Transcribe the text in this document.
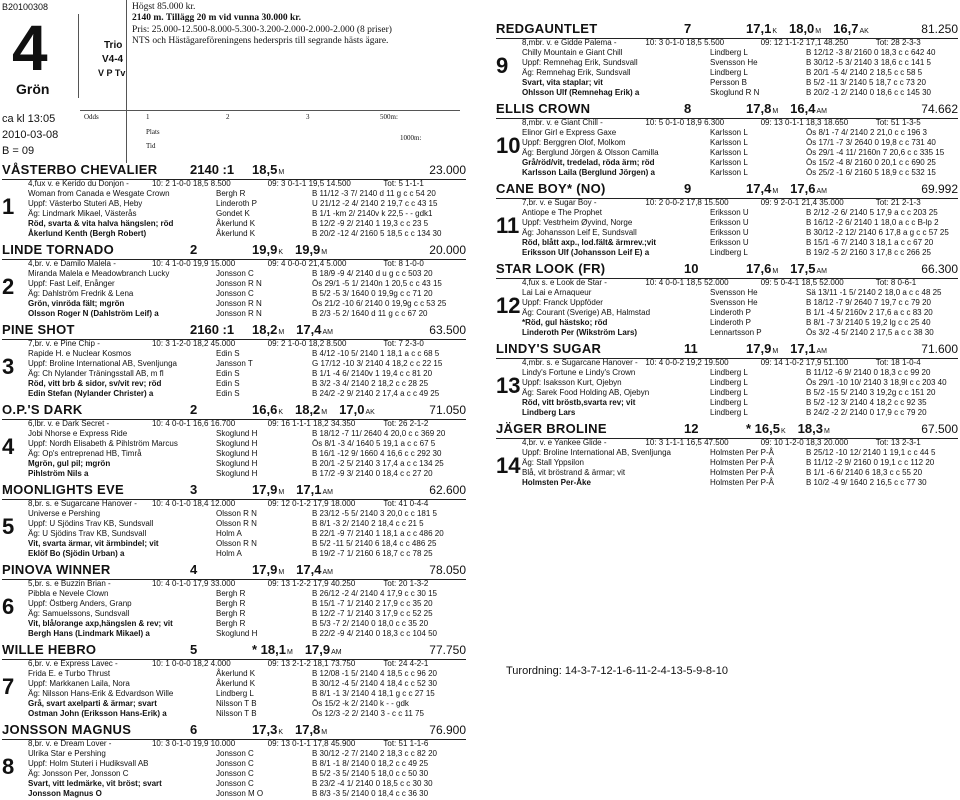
B20100308
4
Grön
Trio
V4-4
V P Tv
Högst 85.000 kr.
2140 m. Tillägg 20 m vid vunna 30.000 kr.
Pris: 25.000-12.500-8.000-5.300-3.200-2.000-2.000-2.000 (8 priser)
NTS och Hästägareföreningens hederspris till segrande hästs ägare.
ca kl 13:05
2010-03-08
B = 09
Odds	1	2	3
Plats
Tid
500m:
1000m:
VÅSTERBO CHEVALIER	2140 :1	18,5 M	23.000
1
4,fux v. e Kerido du Donjon -	10: 2 1-0-0 18,5 8.500	09: 3 0-1-1 19,5 14.500	Tot: 5 1-1-1
Woman from Canada e Wesgate Crown	Bergh R	B 11/12 -3 7/ 2140 d 11 g c c 54 20
Uppf: Västerbo Stuteri AB, Heby	Linderoth P	U 21/12 -2 4/ 2140 2 19,7 c c 43 15
Äg: Lindmark Mikael, Västerås	Gondet K	B 1/1 -km 2/ 2140v k 22,5 - - gdk1
Röd, svarta & vita halva hängslen; röd	Åkerlund K	B 12/2 -9 2/ 2140 1 19,3 c c 23 5
Åkerlund Kenth (Bergh Robert)	Åkerlund K	B 20/2 -12 4/ 2160 5 18,5 c c 134 30
LINDE TORNADO	2	19,9 K 19,9 M	20.000
2
4,br. v. e Damilo Malela -	10: 4 1-0-0 19,9 15.000	09: 4 0-0-0 21,4 5.000	Tot: 8 1-0-0
Miranda Malela e Meadowbranch Lucky	Jonsson C	B 18/9 -9 4/ 2140 d u g c c 503 20
Uppf: Fast Leif, Enånger	Jonsson R N	Ös 29/1 -5 1/ 2140n 1 20,5 c c 43 15
Äg: Dahlström Fredrik & Lena	Jonsson C	B 5/2 -5 3/ 1640 0 19,9g c c 71 20
Grön, vinröda fält; mgrön	Jonsson R N	Ös 21/2 -10 6/ 2140 0 19,9g c c 53 25
Olsson Roger N (Dahlström Leif) a	Jonsson R N	B 2/3 -5 2/ 1640 d 11 g c c 67 20
PINE SHOT	2160 :1	18,2 M 17,4 AM	63.500
3
7,br. v. e Pine Chip -	10: 3 1-2-0 18,2 45.000	09: 2 1-0-0 18,2 8.500	Tot: 7 2-3-0
Rapide H. e Nuclear Kosmos	Edin S	B 4/12 -10 5/ 2140 1 18,1 a c c 68 5
Uppf: Broline International AB, Svenljunga	Jansson T	G 17/12 -10 3/ 2140 4 18,2 c c 22 15
Äg: Ch Nylander Träningsstall AB, m fl	Edin S	B 1/1 -4 6/ 2140v 1 19,4 c c 81 20
Röd, vitt brb & sidor, sv/vit rev; röd	Edin S	B 3/2 -3 4/ 2140 2 18,2 c c 28 25
Edin Stefan (Nylander Christer) a	Edin S	B 24/2 -2 9/ 2140 2 17,4 a c c 49 25
O.P.'S DARK	2	16,6 K 18,2 M 17,0 AK	71.050
4
6,lbr. v. e Dark Secret -	10: 4 0-0-1 16,6 16.700	09: 16 1-1-1 18,2 34.350	Tot: 26 2-1-2
Jobi Nhorse e Express Ride	Skoglund H	B 18/12 -7 11/ 2640 4 20,0 c c 369 20
Uppf: Nordh Elisabeth & Pihlström Marcus	Skoglund H	Ös 8/1 -3 4/ 1640 5 19,1 a c c 67 5
Äg: Op's entreprenad HB, Timrå	Skoglund H	B 16/1 -12 9/ 1660 4 16,6 c c 292 30
Mgrön, gul pil; mgrön	Skoglund H	B 20/1 -2 5/ 2140 3 17,4 a c c 134 25
Pihlström Nils a	Skoglund H	B 17/2 -9 3/ 2140 0 18,4 c c 27 20
MOONLIGHTS EVE	3	17,9 M 17,1 AM	62.600
5
8,br. s. e Sugarcane Hanover -	10: 4 0-1-0 18,4 12.000	09: 12 0-1-2 17,9 18.000	Tot: 41 0-4-4
Universe e Pershing	Olsson R N	B 23/12 -5 5/ 2140 3 20,0 c c 181 5
Uppf: U Sjödins Trav KB, Sundsvall	Olsson R N	B 8/1 -3 2/ 2140 2 18,4 c c 21 5
Äg: U Sjödins Trav KB, Sundsvall	Holm A	B 22/1 -9 7/ 2140 1 18,1 a c c 486 20
Vit, svarta ärmar, vit ärmbindel; vit	Olsson R N	B 5/2 -11 5/ 2140 6 18,4 c c 486 25
Eklöf Bo (Sjödin Urban) a	Holm A	B 19/2 -7 1/ 2160 6 18,7 c c 78 25
PINOVA WINNER	4	17,9 M 17,4 AM	78.050
6
5,br. s. e Buzzin Brian -	10: 4 0-1-0 17,9 33.000	09: 13 1-2-2 17,9 40.250	Tot: 20 1-3-2
Pibbla e Nevele Clown	Bergh R	B 26/12 -2 4/ 2140 4 17,9 c c 30 15
Uppf: Östberg Anders, Granp	Bergh R	B 15/1 -7 1/ 2140 2 17,9 c c 35 20
Äg: Samuelssons, Sundsvall	Bergh R	B 12/2 -7 1/ 2140 3 17,9 c c 52 25
Vit, blå/orange axp,hängslen & rev; vit	Bergh R	B 5/3 -7 2/ 2140 0 18,0 c c 35 20
Bergh Hans (Lindmark Mikael) a	Skoglund H	B 22/2 -9 4/ 2140 0 18,3 c c 104 50
WILLE HEBRO	5	* 18,1 M 17,9 AM	77.750
7
6,br. v. e Express Lavec -	10: 1 0-0-0 18,2 4.000	09: 13 2-1-2 18,1 73.750	Tot: 24 4-2-1
Frida E. e Turbo Thrust	Åkerlund K	B 12/08 -1 5/ 2140 4 18,5 c c 96 20
Uppf: Markkanen Laila, Nora	Åkerlund K	B 30/12 -4 5/ 2140 4 18,4 c c 52 30
Äg: Nilsson Hans-Erik & Edvardson Wille	Lindberg L	B 8/1 -1 3/ 2140 4 18,1 g c c 27 15
Grå, svart axelparti & ärmar; svart	Nilsson T B	Ös 15/2 -k 2/ 2140 k - - gdk
Ostman John (Eriksson Hans-Erik) a	Nilsson T B	Ös 12/3 -2 2/ 2140 3 - c c 11 75
JONSSON MAGNUS	6	17,3 K 17,8 M	76.900
8
8,br. v. e Dream Lover -	10: 3 0-1-0 19,9 10.000	09: 13 0-1-1 17,8 45.900	Tot: 51 1-1-6
Ulrika Star e Pershing	Jonsson C	B 30/12 -2 7/ 2140 2 18,3 c c 82 20
Uppf: Holm Stuteri i Hudiksvall AB	Jonsson C	B 8/1 -1 8/ 2140 0 18,2 c c 49 25
Äg: Jonsson Per, Jonsson C	Jonsson C	B 5/2 -3 5/ 2140 5 18,0 c c 50 30
Svart, vitt ledmärke, vit bröst; svart	Jonsson C	B 23/2 -4 1/ 2140 0 18,5 c c 30 30
Jonsson Magnus O	Jonsson M O	B 8/3 -3 5/ 2140 0 18,4 c c 36 30
REDGAUNTLET	7	17,1 K 18,0 M 16,7 AK	81.250
9
8,mbr. v. e Gidde Palema -	10: 3 0-1-0 18,5 5.500	09: 12 1-1-2 17,1 48.250	Tot: 28 2-3-3
Chilly Mountain e Giant Chill	Lindberg L	B 12/12 -3 8/ 2160 0 18,3 c c 642 40
Uppf: Remnehag Erik, Sundsvall	Svensson He	B 30/12 -5 3/ 2140 3 18,6 c c 141 5
Äg: Remnehag Erik, Sundsvall	Lindberg L	B 20/1 -5 4/ 2140 2 18,5 c c 58 5
Svart, vita staplar; vit	Persson B	B 5/2 -11 3/ 2140 5 18,7 c c 73 20
Ohlsson Ulf (Remnehag Erik) a	Skoglund R N	B 20/2 -1 2/ 2140 0 18,6 c c 145 30
ELLIS CROWN	8	17,8 M 16,4 AM	74.662
10
8,mbr. v. e Giant Chill -	10: 5 0-1-0 18,9 6.300	09: 13 0-1-1 18,3 18.650	Tot: 51 1-3-5
Elinor Girl e Express Gaxe	Karlsson L	Ös 8/1 -7 4/ 2140 2 21,0 c c 196 3
Uppf: Berggren Olof, Molkom	Karlsson L	Ös 17/1 -7 3/ 2640 0 19,8 c c 731 40
Äg: Berglund Jörgen & Olsson Camilla	Karlsson L	Ös 29/1 -4 11/ 2160n 7 20,6 c c 335 15
Grå/röd/vit, tredelad, röda ärm; röd	Karlsson L	Ös 15/2 -4 8/ 2160 0 20,1 c c 690 25
Karlsson Laila (Berglund Jörgen) a	Karlsson L	Ös 25/2 -1 6/ 2160 5 18,9 c c 532 15
CANE BOY* (NO)	9	17,4 M 17,6 AM	69.992
11
7,br. v. e Sugar Boy -	10: 2 0-0-2 17,8 15.500	09: 9 2-0-1 21,4 35.000	Tot: 21 2-1-3
Antiope e The Prophet	Eriksson U	B 2/12 -2 6/ 2140 5 17,9 a c c 203 25
Uppf: Vestrheim Øyvind, Norge	Eriksson U	B 16/12 -2 6/ 2140 1 18,0 a c c B-lp 2
Äg: Johansson Leif E, Sundsvall	Eriksson U	B 30/12 -2 12/ 2140 6 17,8 a g c c 57 25
Röd, blått axp., lod.fält& ärmrev.;vit	Eriksson U	B 15/1 -6 7/ 2140 3 18,1 a c c 67 20
Eriksson Ulf (Johansson Leif E) a	Lindberg L	B 19/2 -5 2/ 2160 3 17,8 c c 266 25
STAR LOOK (FR)	10	17,6 M 17,5 AM	66.300
12
4,fux s. e Look de Star -	10: 4 0-0-1 18,5 52.000	09: 5 0-4-1 18,5 52.000	Tot: 8 0-6-1
Lai Lai e Arnaqueur	Svensson He	Sä 13/11 -1 5/ 2140 2 18,0 a c c 48 25
Uppf: Franck Uppföder	Svensson He	B 18/12 -7 9/ 2640 7 19,7 c c 79 20
Äg: Courant (Sverige) AB, Halmstad	Linderoth P	B 1/1 -4 5/ 2160v 2 17,6 a c c 83 20
*Röd, gul hästsko; röd	Linderoth P	B 8/1 -7 3/ 2140 5 19,2 lg c c 25 40
Linderoth Per (Wikström Lars)	Lennartsson P	Ös 3/2 -4 5/ 2140 2 17,5 a c c 38 30
LINDY'S SUGAR	11	17,9 M 17,1 AM	71.600
13
4,mbr. s. e Sugarcane Hanover - 10: 4 0-0-2 19,2 19.500	09: 14 1-0-2 17,9 51.100	Tot: 18 1-0-4
Lindy's Fortune e Lindy's Crown	Lindberg L	B 11/12 -6 9/ 2140 0 18,3 c c 99 20
Uppf: Isaksson Kurt, Ojebyn	Lindberg L	Ös 29/1 -10 10/ 2140 3 18,9l c c 203 40
Äg: Sarek Food Holding AB, Ojebyn	Lindberg L	B 5/2 -15 5/ 2140 3 19,2g c c 151 20
Röd, vitt bröstb,svarta rev; vit	Lindberg L	B 5/2 -12 3/ 2140 4 18,2 c c 92 35
Lindberg Lars	Lindberg L	B 24/2 -2 2/ 2140 0 17,9 c c 79 20
JÄGER BROLINE	12	* 16,5 K 18,3 M	67.500
14
4,br. v. e Yankee Glide -	10: 3 1-1-1 16,5 47.500	09: 10 1-2-0 18,3 20.000	Tot: 13 2-3-1
Uppf: Broline International AB, Svenljunga	Holmsten Per P-Å	B 25/12 -10 12/ 2140 1 19,1 c c 44 5
Äg: Stall Yppsilon	Holmsten Per P-Å	B 11/12 -2 9/ 2160 0 19,1 c c 112 20
Blå, vit bröstrand & ärmar; vit	Holmsten Per P-Å	B 1/1 -6 6/ 2140 6 18,3 c c 55 20
Holmsten Per-Åke	Holmsten Per P-Å	B 10/2 -4 9/ 1640 2 16,5 c c 77 30
Turordning: 14-3-7-12-1-6-11-2-4-13-5-9-8-10
